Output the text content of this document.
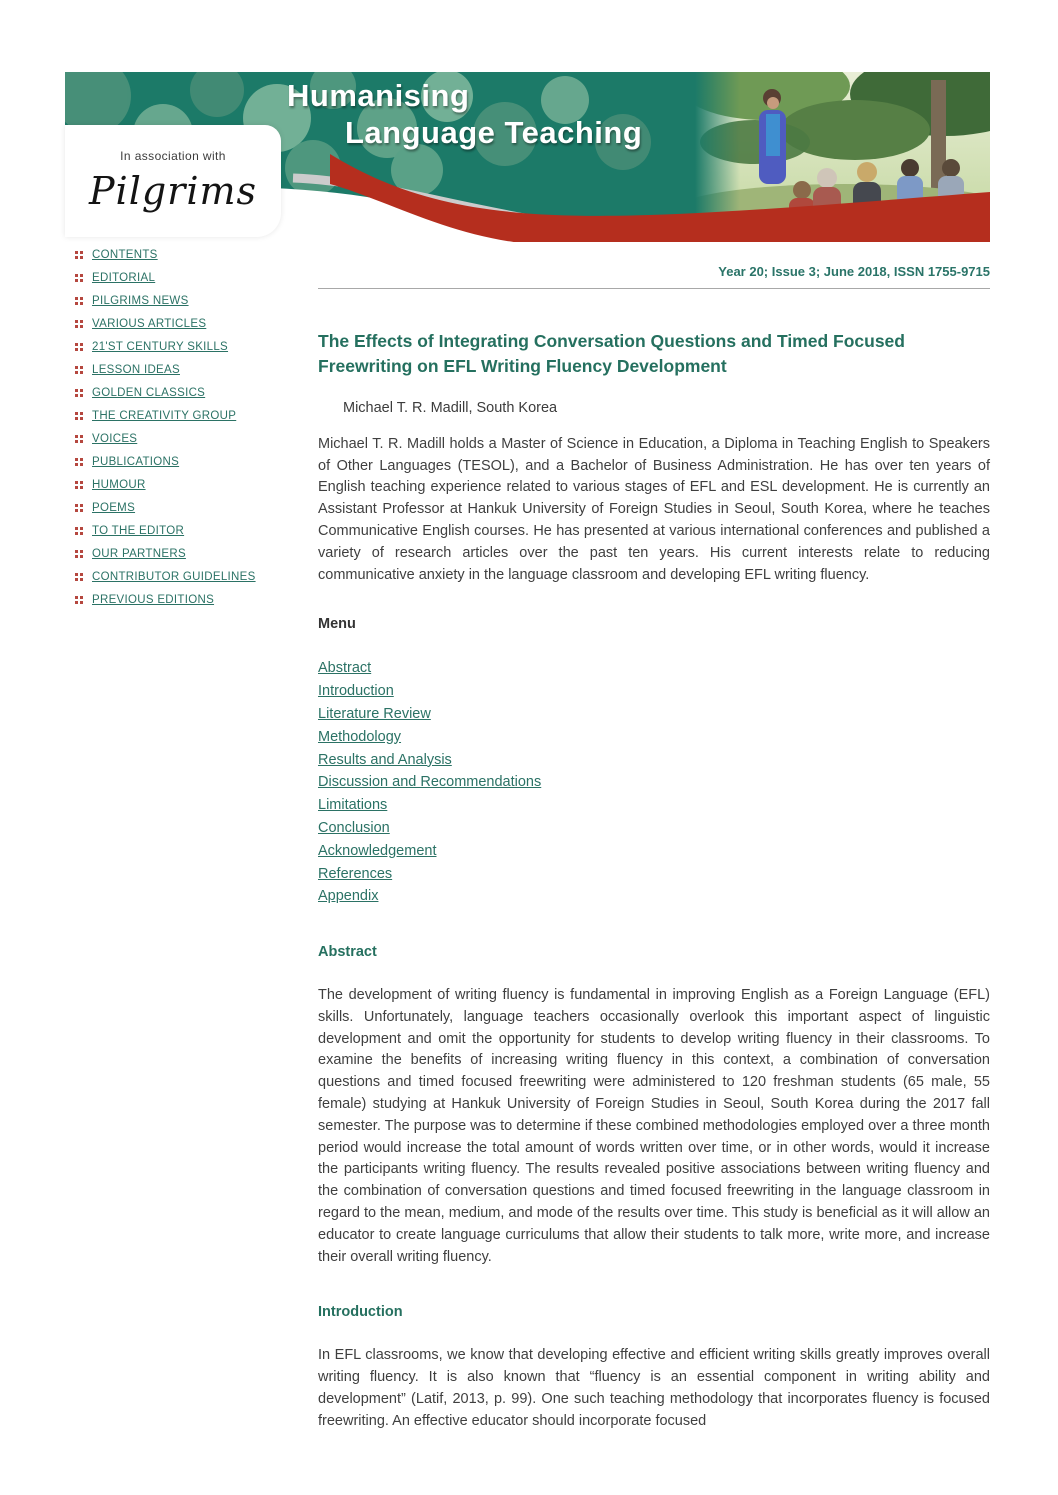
Humanising
Language Teaching
In association with
Pilgrims
CONTENTS
EDITORIAL
PILGRIMS NEWS
VARIOUS ARTICLES
21'ST CENTURY SKILLS
LESSON IDEAS
GOLDEN CLASSICS
THE CREATIVITY GROUP
VOICES
PUBLICATIONS
HUMOUR
POEMS
TO THE EDITOR
OUR PARTNERS
CONTRIBUTOR GUIDELINES
PREVIOUS EDITIONS
Year 20; Issue 3; June 2018, ISSN 1755-9715
The Effects of Integrating Conversation Questions and Timed Focused Freewriting on EFL Writing Fluency Development
Michael T. R. Madill, South Korea

Michael T. R. Madill holds a Master of Science in Education, a Diploma in Teaching English to Speakers of Other Languages (TESOL), and a Bachelor of Business Administration. He has over ten years of English teaching experience related to various stages of EFL and ESL development. He is currently an Assistant Professor at Hankuk University of Foreign Studies in Seoul, South Korea, where he teaches Communicative English courses. He has presented at various international conferences and published a variety of research articles over the past ten years. His current interests relate to reducing communicative anxiety in the language classroom and developing EFL writing fluency.

Menu
Abstract
Introduction
Literature Review
Methodology
Results and Analysis
Discussion and Recommendations
Limitations
Conclusion
Acknowledgement
References
Appendix
Abstract

The development of writing fluency is fundamental in improving English as a Foreign Language (EFL) skills. Unfortunately, language teachers occasionally overlook this important aspect of linguistic development and omit the opportunity for students to develop writing fluency in their classrooms. To examine the benefits of increasing writing fluency in this context, a combination of conversation questions and timed focused freewriting were administered to 120 freshman students (65 male, 55 female) studying at Hankuk University of Foreign Studies in Seoul, South Korea during the 2017 fall semester. The purpose was to determine if these combined methodologies employed over a three month period would increase the total amount of words written over time, or in other words, would it increase the participants writing fluency. The results revealed positive associations between writing fluency and the combination of conversation questions and timed focused freewriting in the language classroom in regard to the mean, medium, and mode of the results over time. This study is beneficial as it will allow an educator to create language curriculums that allow their students to talk more, write more, and increase their overall writing fluency.

Introduction

In EFL classrooms, we know that developing effective and efficient writing skills greatly improves overall writing fluency. It is also known that “fluency is an essential component in writing ability and development” (Latif, 2013, p. 99). One such teaching methodology that incorporates fluency is focused freewriting. An effective educator should incorporate focused
